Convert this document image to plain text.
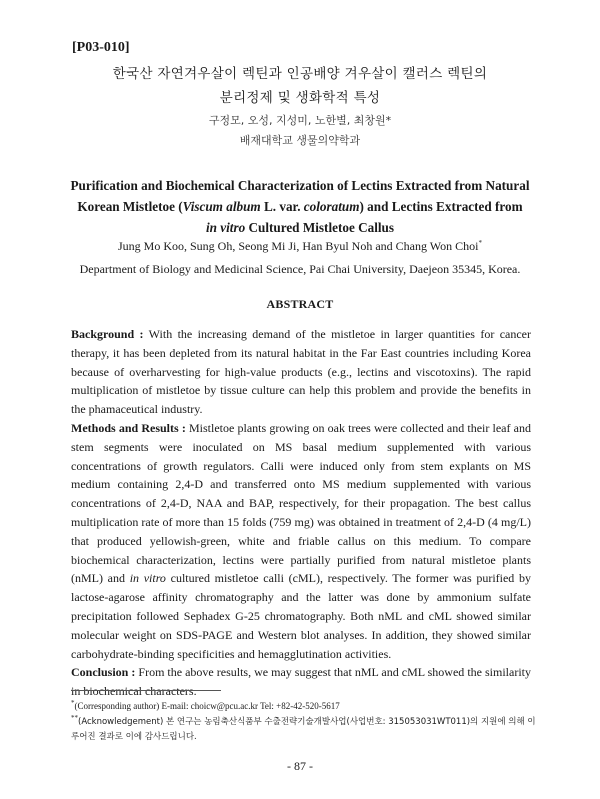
[P03-010]
한국산 자연겨우살이 렉틴과 인공배양 겨우살이 캘러스 렉틴의
분리정제 및 생화학적 특성
구정모, 오성, 지성미, 노한별, 최창원*
배재대학교 생물의약학과
Purification and Biochemical Characterization of Lectins Extracted from Natural
Korean Mistletoe (Viscum album L. var. coloratum) and Lectins Extracted from
in vitro Cultured Mistletoe Callus
Jung Mo Koo, Sung Oh, Seong Mi Ji, Han Byul Noh and Chang Won Choi*
Department of Biology and Medicinal Science, Pai Chai University, Daejeon 35345, Korea.
ABSTRACT

Background : With the increasing demand of the mistletoe in larger quantities for cancer therapy, it has been depleted from its natural habitat in the Far East countries including Korea because of overharvesting for high-value products (e.g., lectins and viscotoxins). The rapid multiplication of mistletoe by tissue culture can help this problem and provide the benefits in the phamaceutical industry.

Methods and Results : Mistletoe plants growing on oak trees were collected and their leaf and stem segments were inoculated on MS basal medium supplemented with various concentrations of growth regulators. Calli were induced only from stem explants on MS medium containing 2,4-D and transferred onto MS medium supplemented with various concentrations of 2,4-D, NAA and BAP, respectively, for their propagation. The best callus multiplication rate of more than 15 folds (759 mg) was obtained in treatment of 2,4-D (4 mg/L) that produced yellowish-green, white and friable callus on this medium. To compare biochemical characterization, lectins were partially purified from natural mistletoe plants (nML) and in vitro cultured mistletoe calli (cML), respectively. The former was purified by lactose-agarose affinity chromatography and the latter was done by ammonium sulfate precipitation followed Sephadex G-25 chromatography. Both nML and cML showed similar molecular weight on SDS-PAGE and Western blot analyses. In addition, they showed similar carbohydrate-binding specificities and hemagglutination activities.

Conclusion : From the above results, we may suggest that nML and cML showed the similarity in biochemical characters.

*(Corresponding author) E-mail: choicw@pcu.ac.kr Tel: +82-42-520-5617
**(Acknowledgement) 본 연구는 농림축산식품부 수출전략기술개발사업(사업번호: 315053031WT011)의 지원에 의해 이루어진 결과로 이에 감사드립니다.
- 87 -
